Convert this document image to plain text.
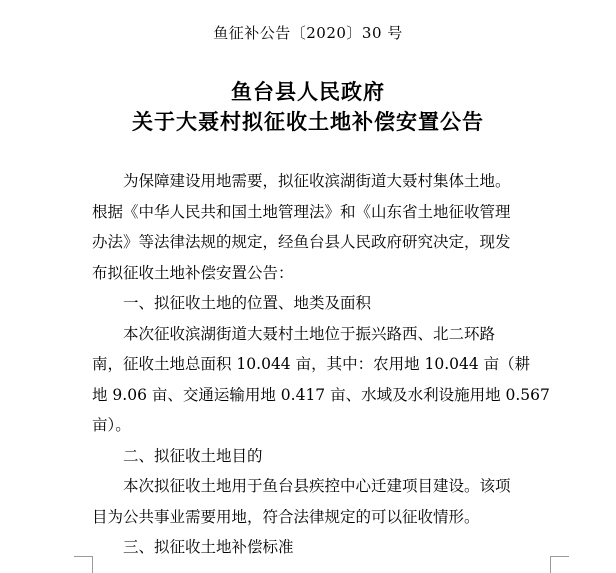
鱼征补公告〔2020〕30 号
鱼台县人民政府
关于大聂村拟征收土地补偿安置公告
为保障建设用地需要，拟征收滨湖街道大聂村集体土地。
根据《中华人民共和国土地管理法》和《山东省土地征收管理
办法》等法律法规的规定，经鱼台县人民政府研究决定，现发
布拟征收土地补偿安置公告：
一、拟征收土地的位置、地类及面积
本次征收滨湖街道大聂村土地位于振兴路西、北二环路
南，征收土地总面积 10.044 亩，其中：农用地 10.044 亩（耕
地 9.06 亩、交通运输用地 0.417 亩、水域及水利设施用地 0.567
亩）。
二、拟征收土地目的
本次拟征收土地用于鱼台县疾控中心迁建项目建设。该项
目为公共事业需要用地，符合法律规定的可以征收情形。
三、拟征收土地补偿标准
